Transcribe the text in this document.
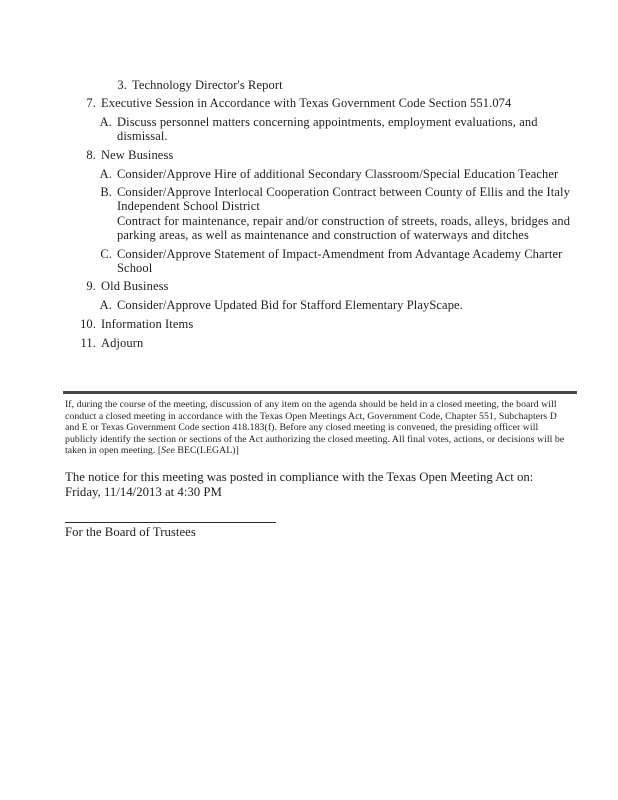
3. Technology Director's Report
7. Executive Session in Accordance with Texas Government Code Section 551.074
A. Discuss personnel matters concerning appointments, employment evaluations, and dismissal.
8. New Business
A. Consider/Approve Hire of additional Secondary Classroom/Special Education Teacher
B. Consider/Approve Interlocal Cooperation Contract between County of Ellis and the Italy Independent School District
Contract for maintenance, repair and/or construction of streets, roads, alleys, bridges and parking areas, as well as maintenance and construction of waterways and ditches
C. Consider/Approve Statement of Impact-Amendment from Advantage Academy Charter School
9. Old Business
A. Consider/Approve Updated Bid for Stafford Elementary PlayScape.
10. Information Items
11. Adjourn

If, during the course of the meeting, discussion of any item on the agenda should be held in a closed meeting, the board will conduct a closed meeting in accordance with the Texas Open Meetings Act, Government Code, Chapter 551, Subchapters D and E or Texas Government Code section 418.183(f). Before any closed meeting is convened, the presiding officer will publicly identify the section or sections of the Act authorizing the closed meeting. All final votes, actions, or decisions will be taken in open meeting. [See BEC(LEGAL)]

The notice for this meeting was posted in compliance with the Texas Open Meeting Act on:
Friday, 11/14/2013 at 4:30 PM
For the Board of Trustees
